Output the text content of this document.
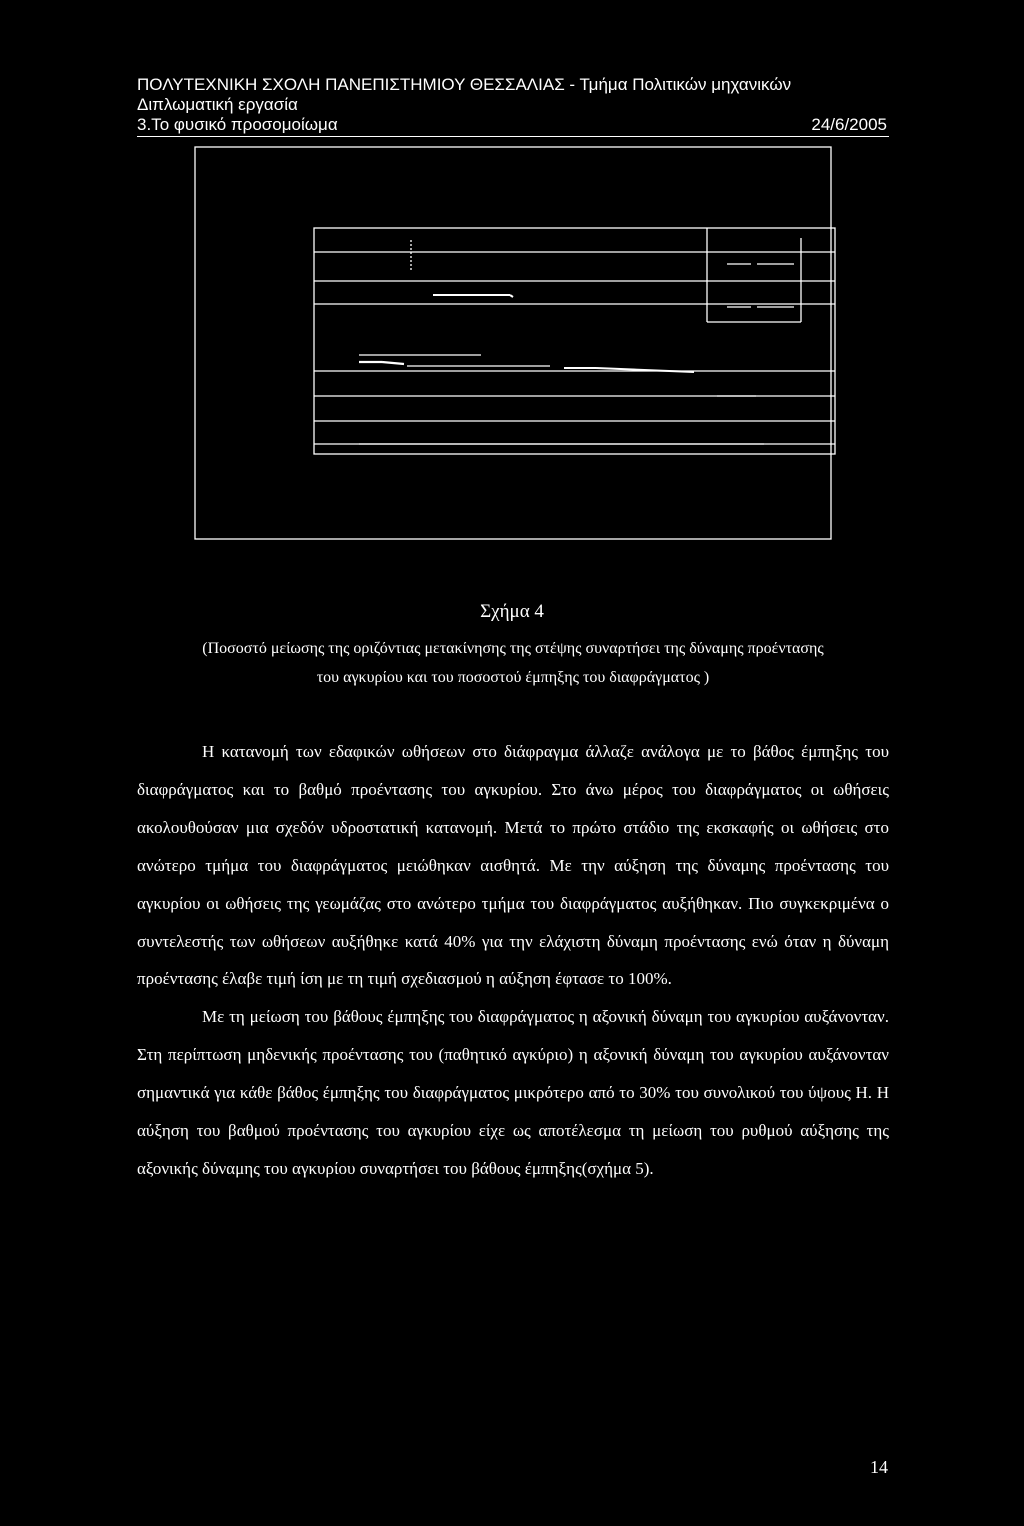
ΠΟΛΥΤΕΧΝΙΚΗ ΣΧΟΛΗ ΠΑΝΕΠΙΣΤΗΜΙΟΥ ΘΕΣΣΑΛΙΑΣ - Τμήμα Πολιτικών μηχανικών
Διπλωματική εργασία
3.Το φυσικό προσομοίωμα	24/6/2005
Σχήμα 4
(Ποσοστό μείωσης της οριζόντιας μετακίνησης της στέψης συναρτήσει της δύναμης προέντασης
του αγκυρίου και του ποσοστού έμπηξης του διαφράγματος )

Η κατανομή των εδαφικών ωθήσεων στο διάφραγμα άλλαζε ανάλογα με το βάθος έμπηξης του διαφράγματος και το βαθμό προέντασης του αγκυρίου. Στο άνω μέρος του διαφράγματος οι ωθήσεις ακολουθούσαν μια σχεδόν υδροστατική κατανομή. Μετά το πρώτο στάδιο της εκσκαφής οι ωθήσεις στο ανώτερο τμήμα του διαφράγματος μειώθηκαν αισθητά. Με την αύξηση της δύναμης προέντασης του αγκυρίου οι ωθήσεις της γεωμάζας στο ανώτερο τμήμα του διαφράγματος αυξήθηκαν. Πιο συγκεκριμένα ο συντελεστής των ωθήσεων αυξήθηκε κατά 40% για την ελάχιστη δύναμη προέντασης ενώ όταν η δύναμη προέντασης έλαβε τιμή ίση με τη τιμή σχεδιασμού η αύξηση έφτασε το 100%.

Με τη μείωση του βάθους έμπηξης του διαφράγματος η αξονική δύναμη του αγκυρίου αυξάνονταν. Στη περίπτωση μηδενικής προέντασης του (παθητικό αγκύριο) η αξονική δύναμη του αγκυρίου αυξάνονταν σημαντικά για κάθε βάθος έμπηξης του διαφράγματος μικρότερο από το 30% του συνολικού του ύψους Η. Η αύξηση του βαθμού προέντασης του αγκυρίου είχε ως αποτέλεσμα τη μείωση του ρυθμού αύξησης της αξονικής δύναμης του αγκυρίου συναρτήσει του βάθους έμπηξης(σχήμα 5).

14
